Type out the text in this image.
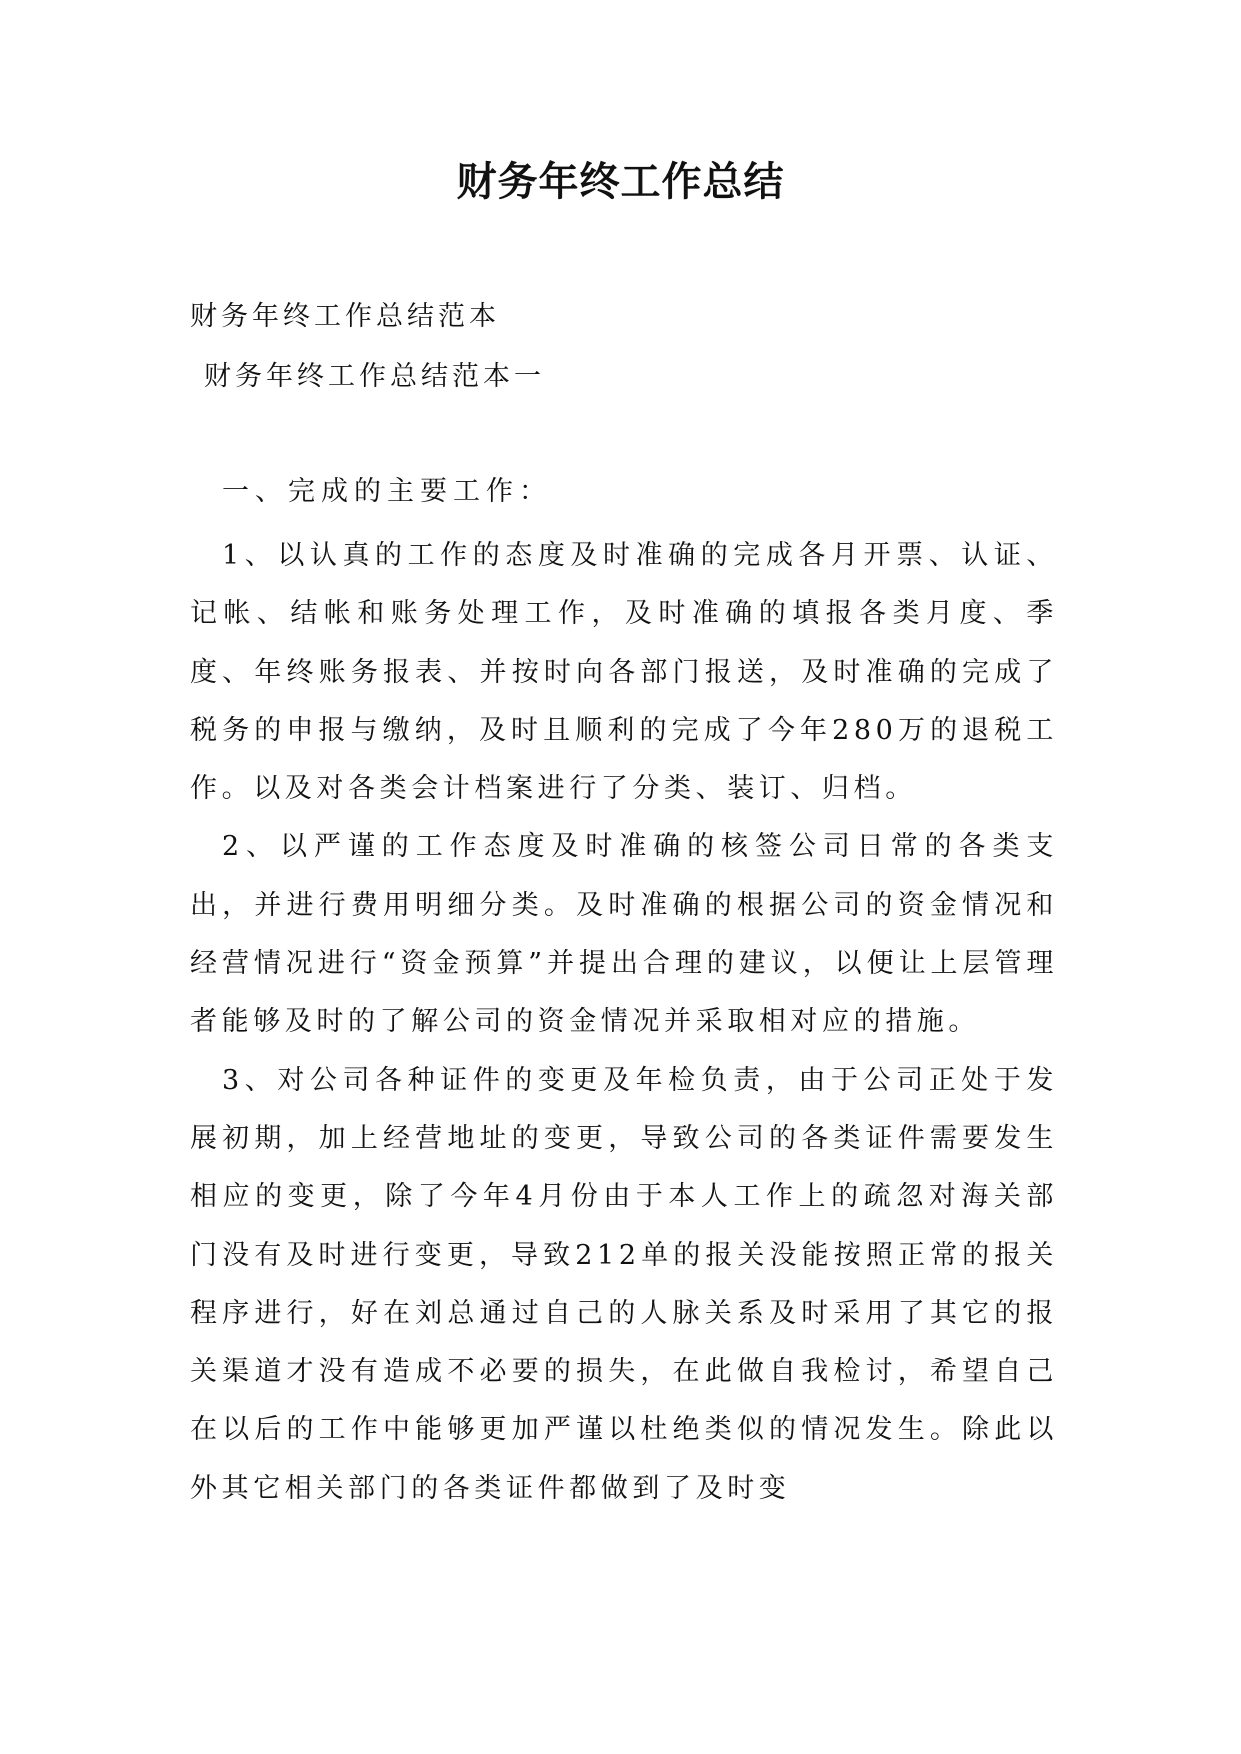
财务年终工作总结

财务年终工作总结范本

财务年终工作总结范本一

一、完成的主要工作：

1、以认真的工作的态度及时准确的完成各月开票、认证、记帐、结帐和账务处理工作，及时准确的填报各类月度、季度、年终账务报表、并按时向各部门报送，及时准确的完成了税务的申报与缴纳，及时且顺利的完成了今年280万的退税工作。以及对各类会计档案进行了分类、装订、归档。

2、以严谨的工作态度及时准确的核签公司日常的各类支出，并进行费用明细分类。及时准确的根据公司的资金情况和经营情况进行“资金预算”并提出合理的建议，以便让上层管理者能够及时的了解公司的资金情况并采取相对应的措施。

3、对公司各种证件的变更及年检负责，由于公司正处于发展初期，加上经营地址的变更，导致公司的各类证件需要发生相应的变更，除了今年4月份由于本人工作上的疏忽对海关部门没有及时进行变更，导致212单的报关没能按照正常的报关程序进行，好在刘总通过自己的人脉关系及时采用了其它的报关渠道才没有造成不必要的损失，在此做自我检讨，希望自己在以后的工作中能够更加严谨以杜绝类似的情况发生。除此以外其它相关部门的各类证件都做到了及时变
